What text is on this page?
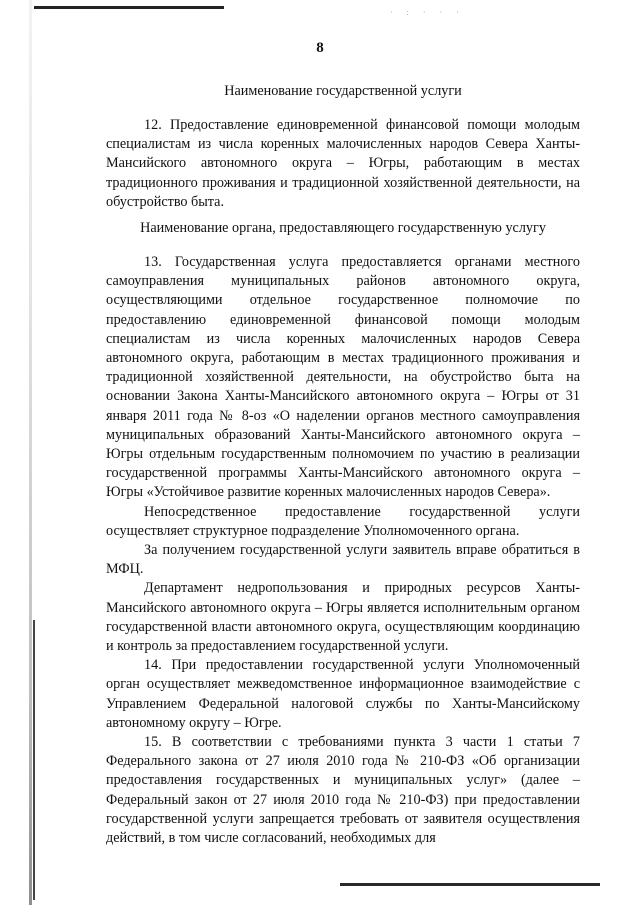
· : · · ·
8
Наименование государственной услуги

12. Предоставление единовременной финансовой помощи молодым специалистам из числа коренных малочисленных народов Севера Ханты-Мансийского автономного округа – Югры, работающим в местах традиционного проживания и традиционной хозяйственной деятельности, на обустройство быта.

Наименование органа, предоставляющего государственную услугу

13. Государственная услуга предоставляется органами местного самоуправления муниципальных районов автономного округа, осуществляющими отдельное государственное полномочие по предоставлению единовременной финансовой помощи молодым специалистам из числа коренных малочисленных народов Севера автономного округа, работающим в местах традиционного проживания и традиционной хозяйственной деятельности, на обустройство быта на основании Закона Ханты-Мансийского автономного округа – Югры от 31 января 2011 года № 8-оз «О наделении органов местного самоуправления муниципальных образований Ханты-Мансийского автономного округа – Югры отдельным государственным полномочием по участию в реализации государственной программы Ханты-Мансийского автономного округа – Югры «Устойчивое развитие коренных малочисленных народов Севера».

Непосредственное предоставление государственной услуги осуществляет структурное подразделение Уполномоченного органа.

За получением государственной услуги заявитель вправе обратиться в МФЦ.

Департамент недропользования и природных ресурсов Ханты-Мансийского автономного округа – Югры является исполнительным органом государственной власти автономного округа, осуществляющим координацию и контроль за предоставлением государственной услуги.

14. При предоставлении государственной услуги Уполномоченный орган осуществляет межведомственное информационное взаимодействие с Управлением Федеральной налоговой службы по Ханты-Мансийскому автономному округу – Югре.

15. В соответствии с требованиями пункта 3 части 1 статьи 7 Федерального закона от 27 июля 2010 года № 210-ФЗ «Об организации предоставления государственных и муниципальных услуг» (далее – Федеральный закон от 27 июля 2010 года № 210-ФЗ) при предоставлении государственной услуги запрещается требовать от заявителя осуществления действий, в том числе согласований, необходимых для
